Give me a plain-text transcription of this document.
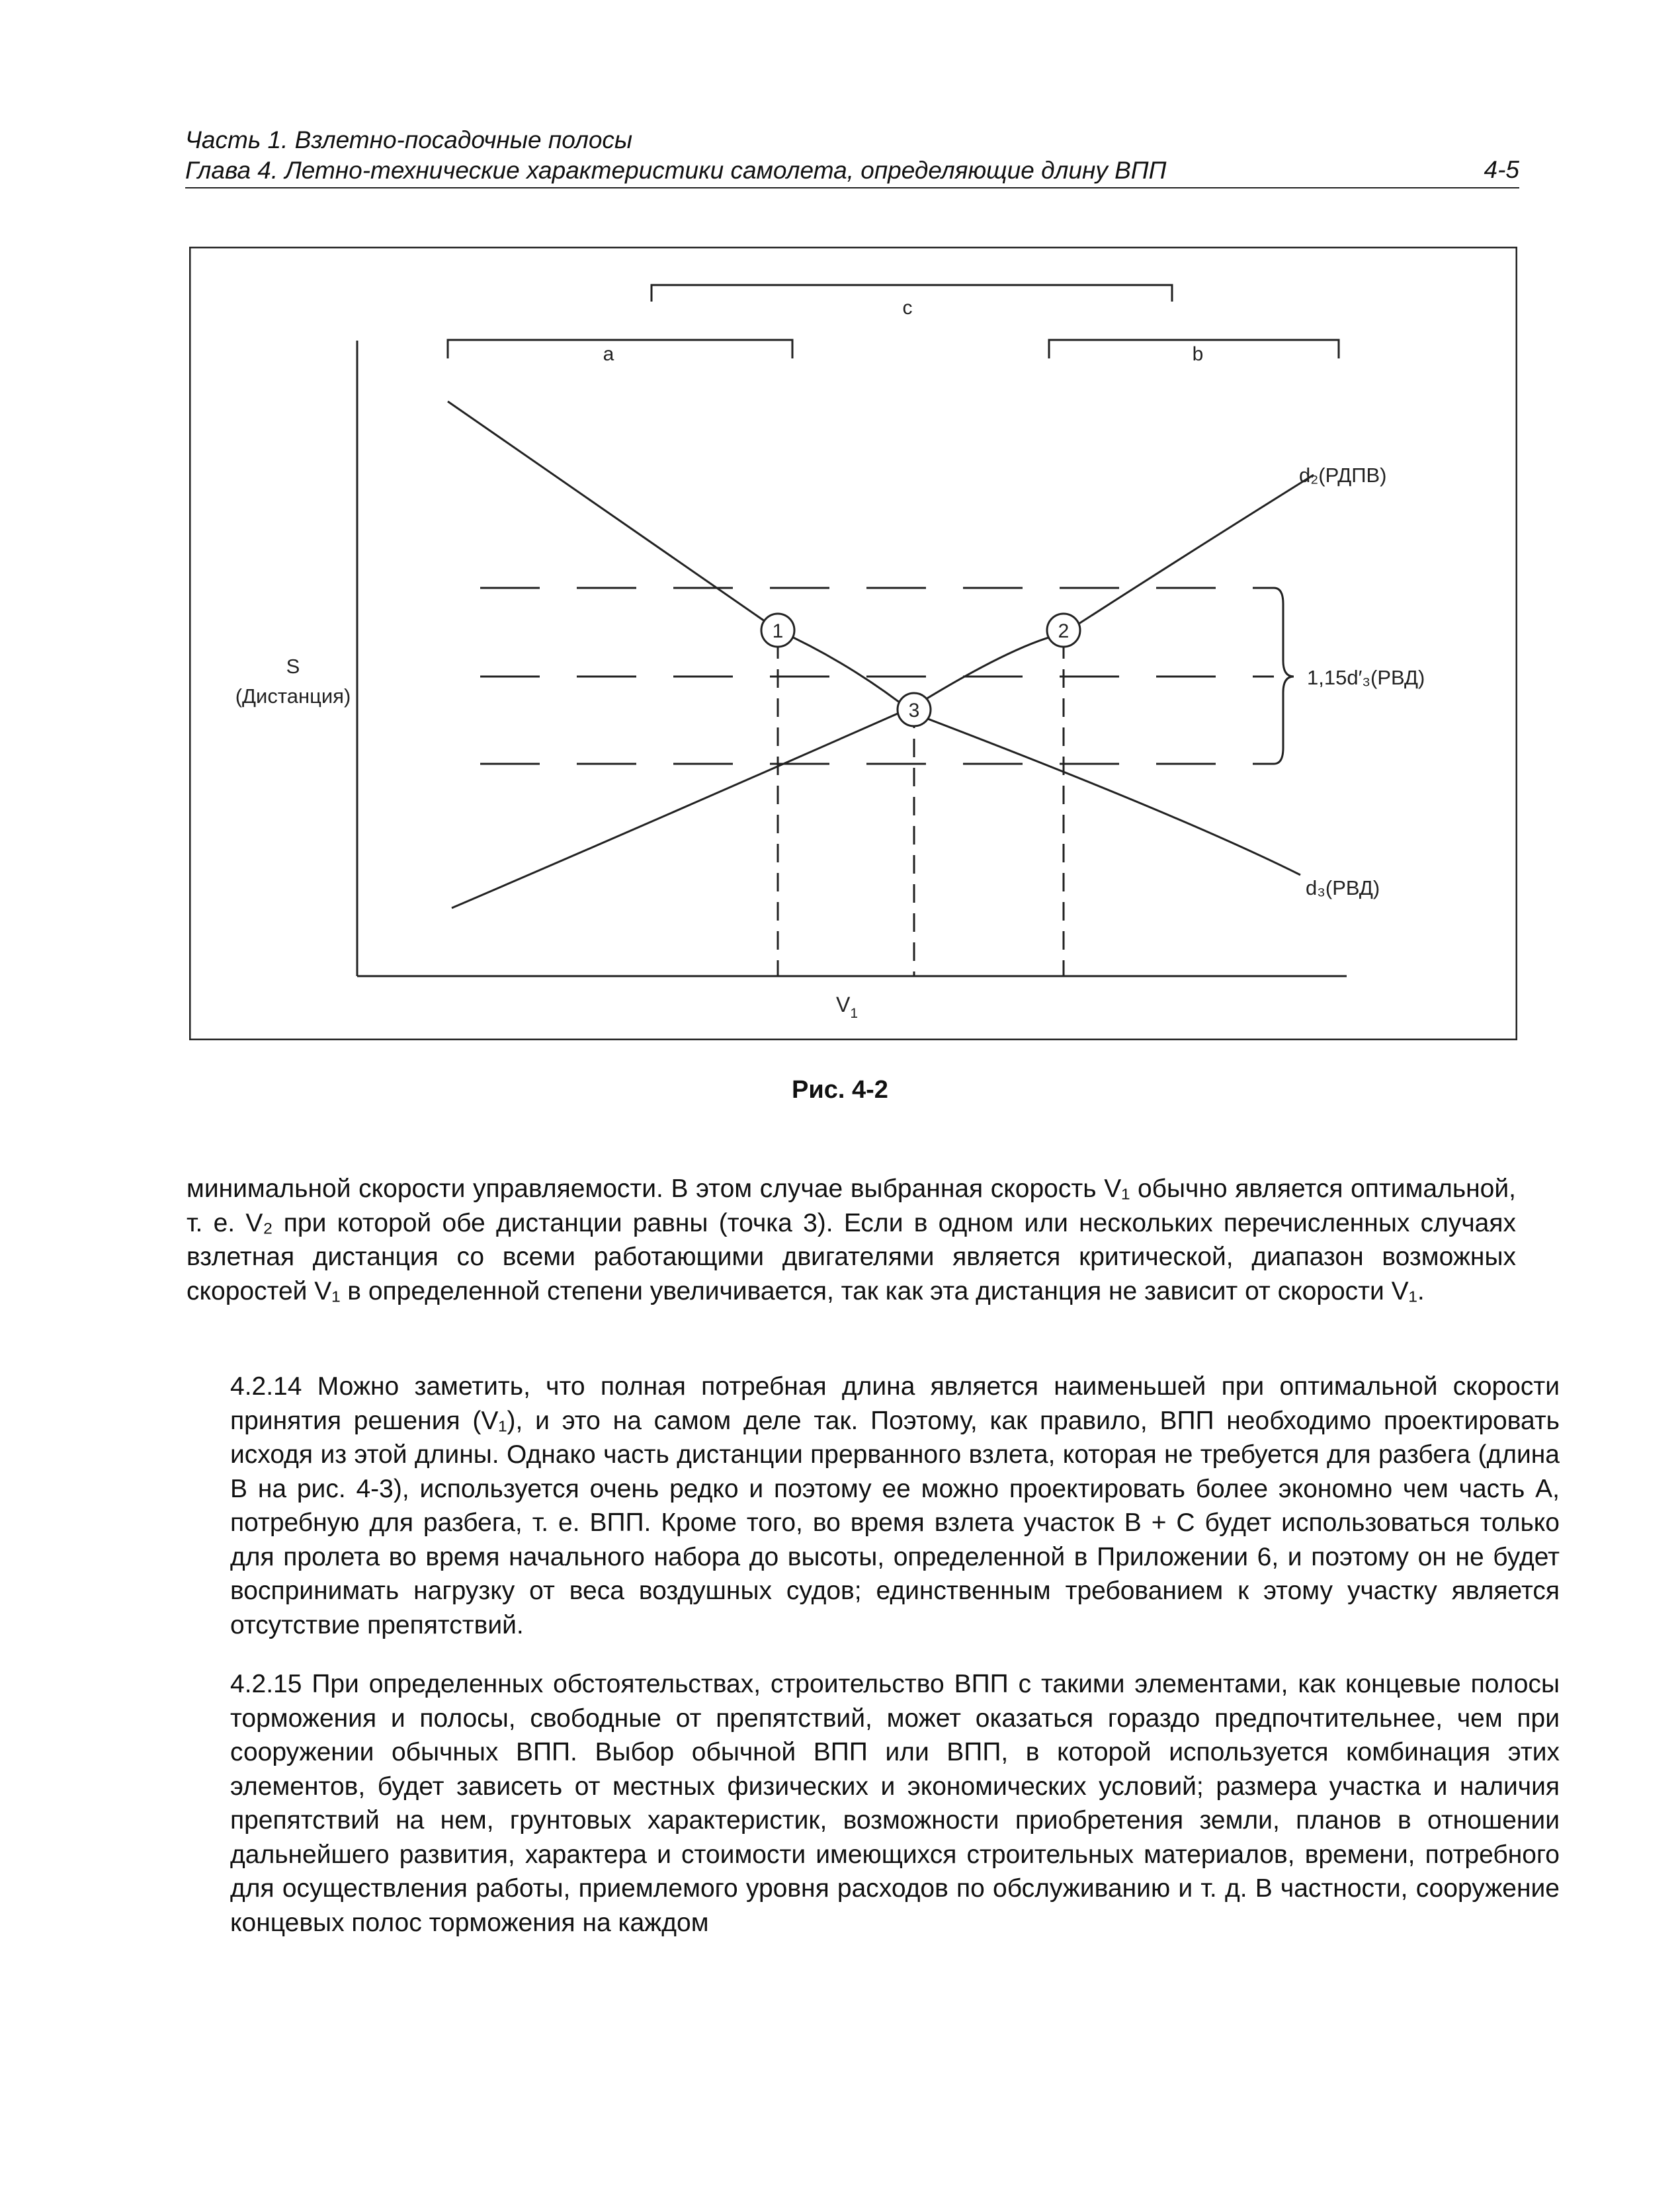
Часть 1. Взлетно-посадочные полосы
Глава 4. Летно-технические характеристики самолета, определяющие длину ВПП	4-5
c
a	b
1,15d′₃(РВД)
d₂(РДПВ)
d₃(РВД)
S
(Дистанция)
$V_1$
1	2
3
Рис. 4-2

минимальной скорости управляемости. В этом случае выбранная скорость V₁ обычно является оптимальной, т. е. V₂ при которой обе дистанции равны (точка 3). Если в одном или нескольких перечисленных случаях взлетная дистанция со всеми работающими двигателями является критической, диапазон возможных скоростей V₁ в определенной степени увеличивается, так как эта дистанция не зависит от скорости V₁.

4.2.14 Можно заметить, что полная потребная длина является наименьшей при оптимальной скорости принятия решения (V₁), и это на самом деле так. Поэтому, как правило, ВПП необходимо проектировать исходя из этой длины. Однако часть дистанции прерванного взлета, которая не требуется для разбега (длина B на рис. 4-3), используется очень редко и поэтому ее можно проектировать более экономно чем часть A, потребную для разбега, т. е. ВПП. Кроме того, во время взлета участок B + C будет использоваться только для пролета во время начального набора до высоты, определенной в Приложении 6, и поэтому он не будет воспринимать нагрузку от веса воздушных судов; единственным требованием к этому участку является отсутствие препятствий.

4.2.15 При определенных обстоятельствах, строительство ВПП с такими элементами, как концевые полосы торможения и полосы, свободные от препятствий, может оказаться гораздо предпочтительнее, чем при сооружении обычных ВПП. Выбор обычной ВПП или ВПП, в которой используется комбинация этих элементов, будет зависеть от местных физических и экономических условий; размера участка и наличия препятствий на нем, грунтовых характеристик, возможности приобретения земли, планов в отношении дальнейшего развития, характера и стоимости имеющихся строительных материалов, времени, потребного для осуществления работы, приемлемого уровня расходов по обслуживанию и т. д. В частности, сооружение концевых полос торможения на каждом
